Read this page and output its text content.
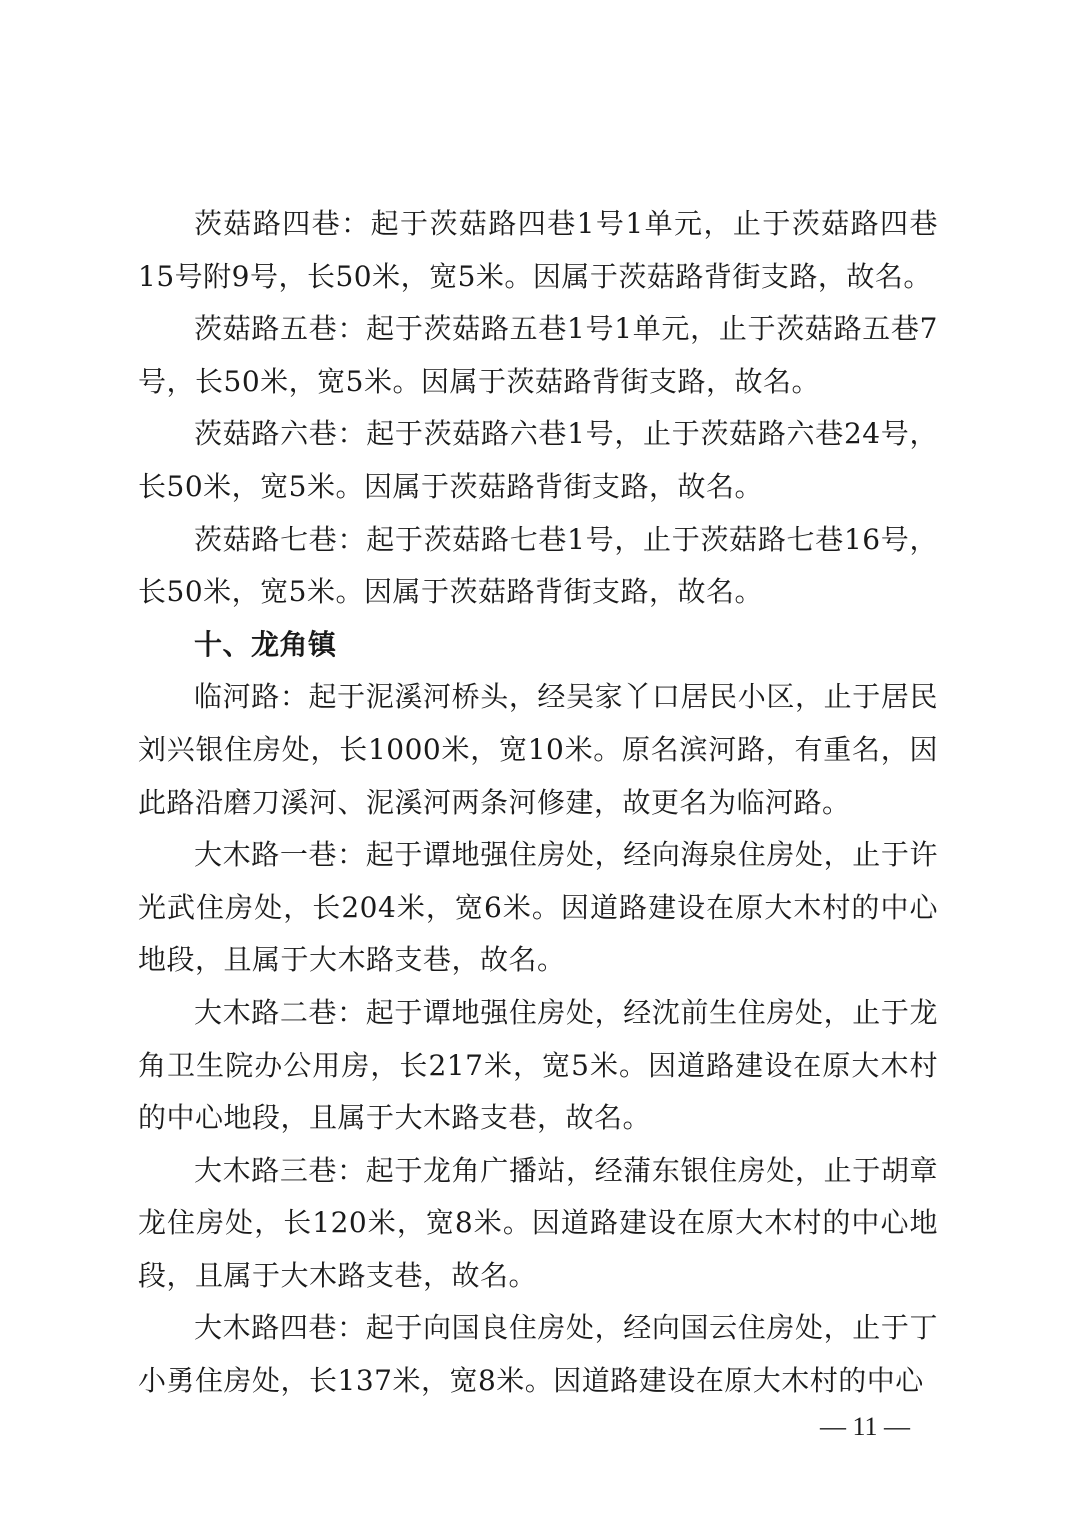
茨菇路四巷：起于茨菇路四巷1号1单元，止于茨菇路四巷15号附9号，长50米，宽5米。因属于茨菇路背街支路，故名。

茨菇路五巷：起于茨菇路五巷1号1单元，止于茨菇路五巷7号，长50米，宽5米。因属于茨菇路背街支路，故名。

茨菇路六巷：起于茨菇路六巷1号，止于茨菇路六巷24号，长50米，宽5米。因属于茨菇路背街支路，故名。

茨菇路七巷：起于茨菇路七巷1号，止于茨菇路七巷16号，长50米，宽5米。因属于茨菇路背街支路，故名。

十、龙角镇

临河路：起于泥溪河桥头，经吴家丫口居民小区，止于居民刘兴银住房处，长1000米，宽10米。原名滨河路，有重名，因此路沿磨刀溪河、泥溪河两条河修建，故更名为临河路。

大木路一巷：起于谭地强住房处，经向海泉住房处，止于许光武住房处，长204米，宽6米。因道路建设在原大木村的中心地段，且属于大木路支巷，故名。

大木路二巷：起于谭地强住房处，经沈前生住房处，止于龙角卫生院办公用房，长217米，宽5米。因道路建设在原大木村的中心地段，且属于大木路支巷，故名。

大木路三巷：起于龙角广播站，经蒲东银住房处，止于胡章龙住房处，长120米，宽8米。因道路建设在原大木村的中心地段，且属于大木路支巷，故名。

大木路四巷：起于向国良住房处，经向国云住房处，止于丁小勇住房处，长137米，宽8米。因道路建设在原大木村的中心

— 11 —
